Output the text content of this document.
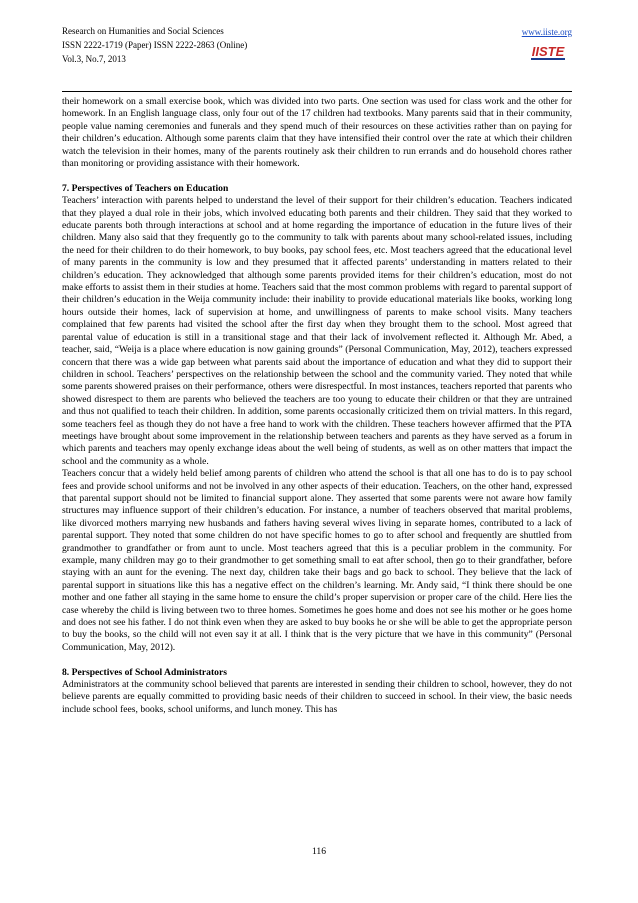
Research on Humanities and Social Sciences
ISSN 2222-1719 (Paper) ISSN 2222-2863 (Online)
Vol.3, No.7, 2013
www.iiste.org
IISTE

their homework on a small exercise book, which was divided into two parts. One section was used for class work and the other for homework. In an English language class, only four out of the 17 children had textbooks. Many parents said that in their community, people value naming ceremonies and funerals and they spend much of their resources on these activities rather than on paying for their children’s education. Although some parents claim that they have intensified their control over the rate at which their children watch the television in their homes, many of the parents routinely ask their children to run errands and do household chores rather than monitoring or providing assistance with their homework.

7. Perspectives of Teachers on Education

Teachers’ interaction with parents helped to understand the level of their support for their children’s education. Teachers indicated that they played a dual role in their jobs, which involved educating both parents and their children. They said that they worked to educate parents both through interactions at school and at home regarding the importance of education in the future lives of their children. Many also said that they frequently go to the community to talk with parents about many school-related issues, including the need for their children to do their homework, to buy books, pay school fees, etc. Most teachers agreed that the educational level of many parents in the community is low and they presumed that it affected parents’ understanding in matters related to their children’s education. They acknowledged that although some parents provided items for their children’s education, most do not make efforts to assist them in their studies at home. Teachers said that the most common problems with regard to parental support of their children’s education in the Weija community include: their inability to provide educational materials like books, working long hours outside their homes, lack of supervision at home, and unwillingness of parents to make school visits. Many teachers complained that few parents had visited the school after the first day when they brought them to the school. Most agreed that parental value of education is still in a transitional stage and that their lack of involvement reflected it. Although Mr. Abed, a teacher, said, “Weija is a place where education is now gaining grounds” (Personal Communication, May, 2012), teachers expressed concern that there was a wide gap between what parents said about the importance of education and what they did to support their children in school. Teachers’ perspectives on the relationship between the school and the community varied. They noted that while some parents showered praises on their performance, others were disrespectful. In most instances, teachers reported that parents who showed disrespect to them are parents who believed the teachers are too young to educate their children or that they are untrained and thus not qualified to teach their children. In addition, some parents occasionally criticized them on trivial matters. In this regard, some teachers feel as though they do not have a free hand to work with the children. These teachers however affirmed that the PTA meetings have brought about some improvement in the relationship between teachers and parents as they have served as a forum in which parents and teachers may openly exchange ideas about the well being of students, as well as on other matters that impact the school and the community as a whole.

Teachers concur that a widely held belief among parents of children who attend the school is that all one has to do is to pay school fees and provide school uniforms and not be involved in any other aspects of their education. Teachers, on the other hand, expressed that parental support should not be limited to financial support alone. They asserted that some parents were not aware how family structures may influence support of their children’s education. For instance, a number of teachers observed that marital problems, like divorced mothers marrying new husbands and fathers having several wives living in separate homes, contributed to a lack of parental support. They noted that some children do not have specific homes to go to after school and frequently are shuttled from grandmother to grandfather or from aunt to uncle. Most teachers agreed that this is a peculiar problem in the community. For example, many children may go to their grandmother to get something small to eat after school, then go to their grandfather, before staying with an aunt for the evening. The next day, children take their bags and go back to school. They believe that the lack of parental support in situations like this has a negative effect on the children’s learning. Mr. Andy said, “I think there should be one mother and one father all staying in the same home to ensure the child’s proper supervision or proper care of the child. Here lies the case whereby the child is living between two to three homes. Sometimes he goes home and does not see his mother or he goes home and does not see his father. I do not think even when they are asked to buy books he or she will be able to get the appropriate person to buy the books, so the child will not even say it at all. I think that is the very picture that we have in this community” (Personal Communication, May, 2012).

8. Perspectives of School Administrators

Administrators at the community school believed that parents are interested in sending their children to school, however, they do not believe parents are equally committed to providing basic needs of their children to succeed in school. In their view, the basic needs include school fees, books, school uniforms, and lunch money. This has

116
